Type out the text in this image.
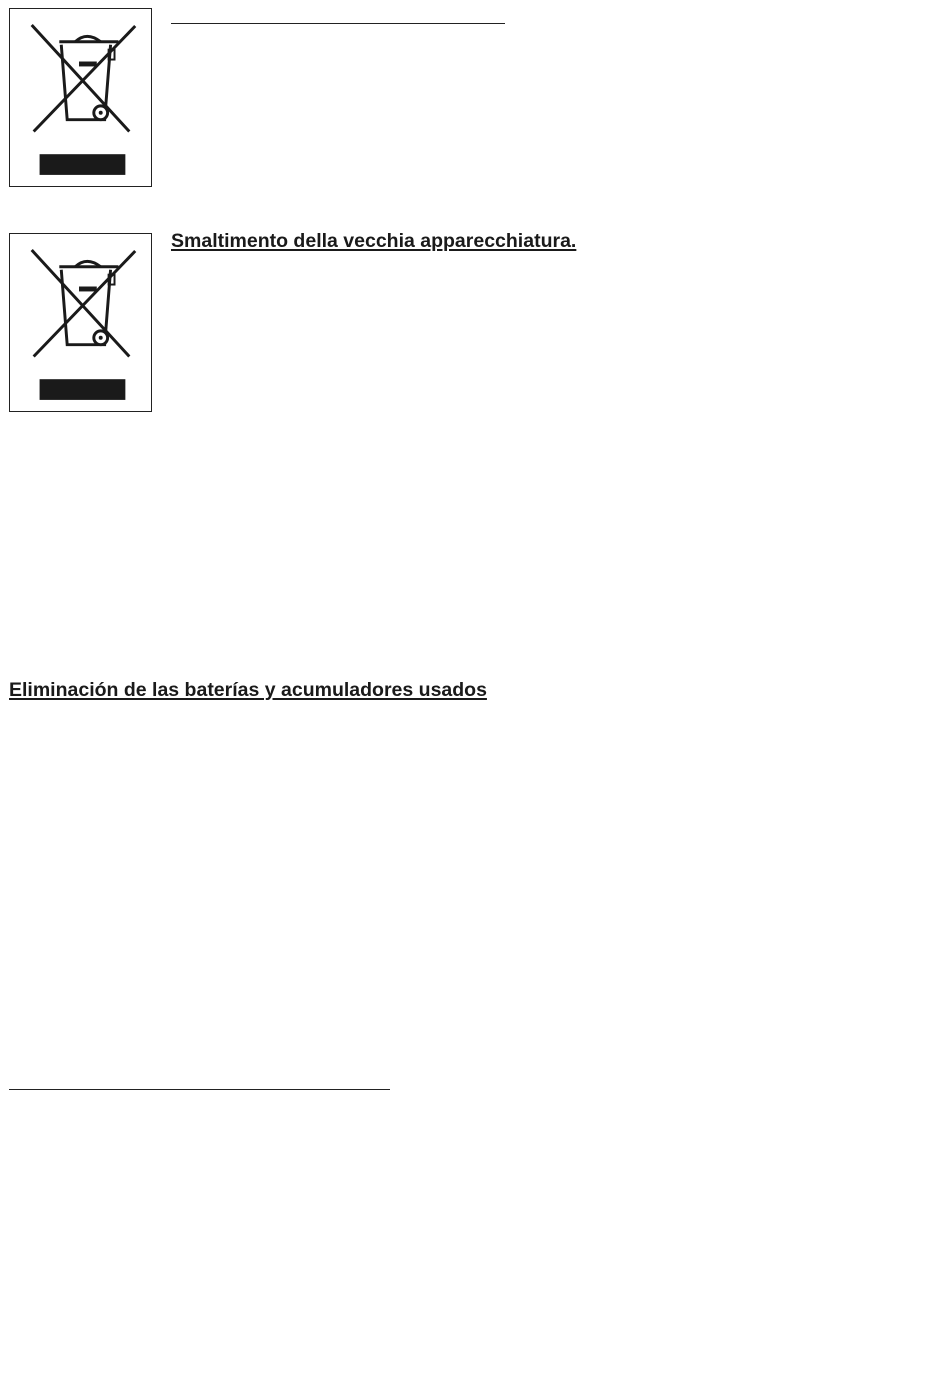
Smaltimento della vecchia apparecchiatura.
Eliminación de las baterías y acumuladores usados
